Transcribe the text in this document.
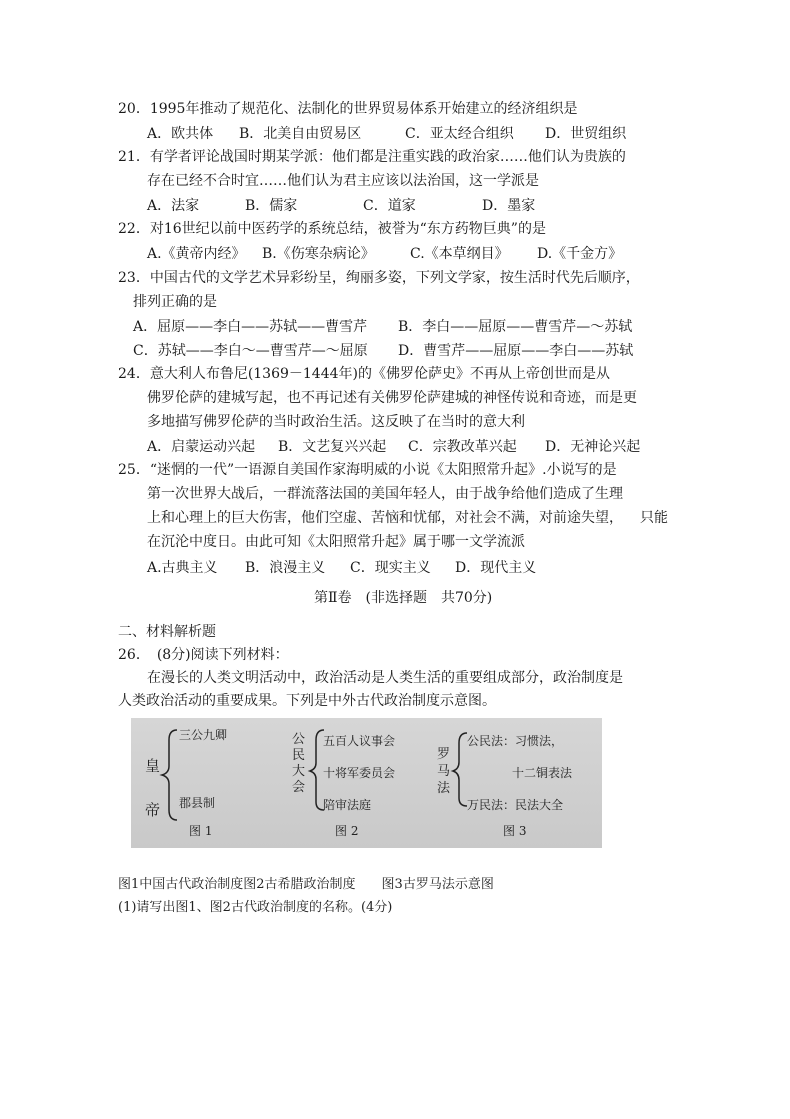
20．1995年推动了规范化、法制化的世界贸易体系开始建立的经济组织是
A．欧共体 B．北美自由贸易区	C．亚太经合组织 D．世贸组织
21．有学者评论战国时期某学派：他们都是注重实践的政治家……他们认为贵族的
存在已经不合时宜……他们认为君主应该以法治国，这一学派是
A．法家	B．儒家	C．道家	D．墨家
22．对16世纪以前中医药学的系统总结，被誉为“东方药物巨典”的是
A.《黄帝内经》 B.《伤寒杂病论》	C.《本草纲目》 D.《千金方》
23．中国古代的文学艺术异彩纷呈，绚丽多姿，下列文学家，按生活时代先后顺序，
排列正确的是
A．屈原——李白——苏轼——曹雪芹 B．李白——屈原——曹雪芹—～苏轼
C．苏轼——李白～—曹雪芹—～屈原 D．曹雪芹——屈原——李白——苏轼
24．意大利人布鲁尼(1369－1444年)的《佛罗伦萨史》不再从上帝创世而是从
佛罗伦萨的建城写起，也不再记述有关佛罗伦萨建城的神怪传说和奇迹，而是更
多地描写佛罗伦萨的当时政治生活。这反映了在当时的意大利
A．启蒙运动兴起 B．文艺复兴兴起 C．宗教改革兴起 D．无神论兴起
25．“迷惘的一代”一语源自美国作家海明威的小说《太阳照常升起》.小说写的是
第一次世界大战后，一群流落法国的美国年轻人，由于战争给他们造成了生理
上和心理上的巨大伤害，他们空虚、苦恼和忧郁，对社会不满，对前途失望， 只能
在沉沦中度日。由此可知《太阳照常升起》属于哪一文学流派
A.古典主义 B．浪漫主义 C．现实主义 D．现代主义
第Ⅱ卷　(非选择题　共70分)
二、材料解析题
26．　(8分)阅读下列材料：
在漫长的人类文明活动中，政治活动是人类生活的重要组成部分，政治制度是
人类政治活动的重要成果。下列是中外古代政治制度示意图。
皇帝
三公九卿
郡县制
图 1
公民大会
五百人议事会
十将军委员会
陪审法庭
图 2
罗马法
公民法：习惯法，
十二铜表法
万民法：民法大全
图 3
图1中国古代政治制度图2古希腊政治制度　　图3古罗马法示意图
(1)请写出图1、图2古代政治制度的名称。(4分)
